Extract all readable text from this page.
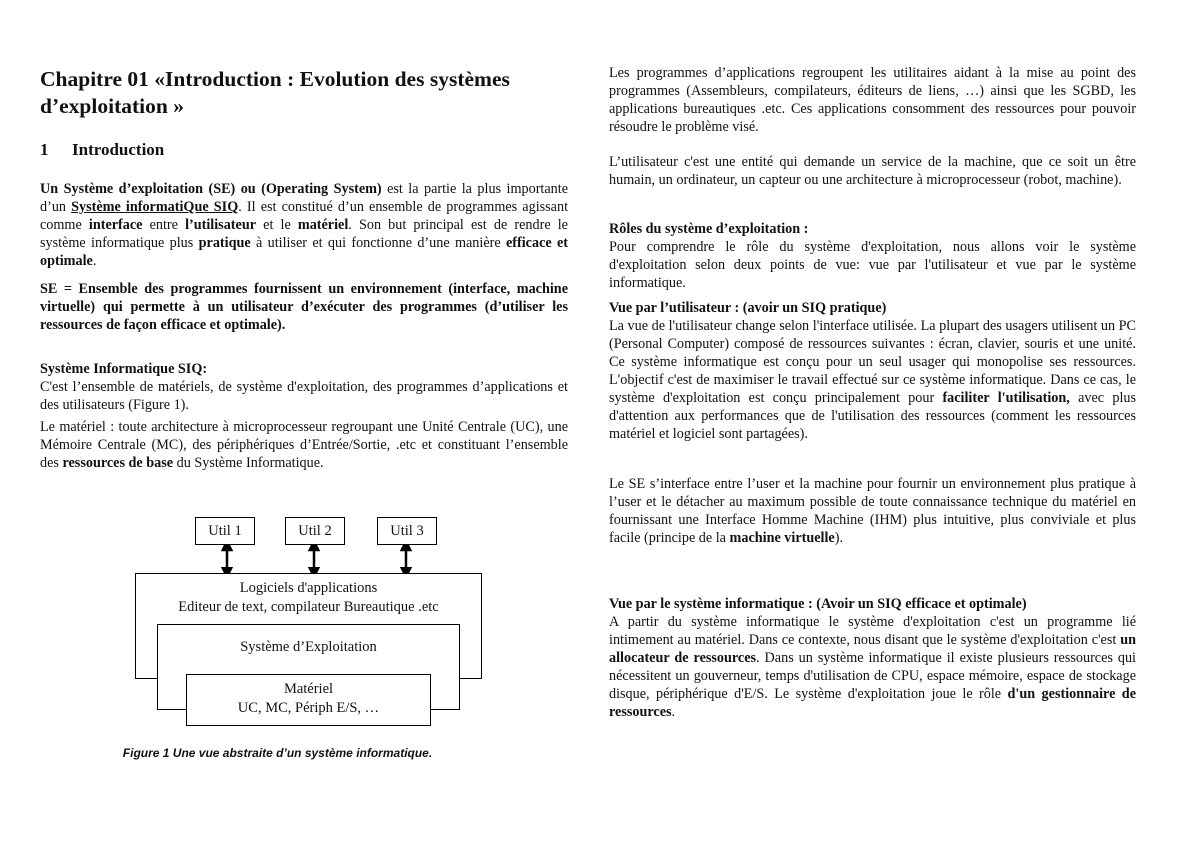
Chapitre 01 «Introduction : Evolution des systèmes d’exploitation »
1 Introduction

Un Système d’exploitation (SE) ou (Operating System) est la partie la plus importante d’un Système informatiQue SIQ. Il est constitué d’un ensemble de programmes agissant comme interface entre l’utilisateur et le matériel. Son but principal est de rendre le système informatique plus pratique à utiliser et qui fonctionne d’une manière efficace et optimale.

SE = Ensemble des programmes fournissent un environnement (interface, machine virtuelle) qui permette à un utilisateur d’exécuter des programmes (d’utiliser les ressources de façon efficace et optimale).

Système Informatique SIQ:

C'est l’ensemble de matériels, de système d'exploitation, des programmes d’applications et des utilisateurs (Figure 1).

Le matériel : toute architecture à microprocesseur regroupant une Unité Centrale (UC), une Mémoire Centrale (MC), des périphériques d’Entrée/Sortie, .etc et constituant l’ensemble des ressources de base du Système Informatique.

Util 1	Util 2	Util 3
Logiciels d'applications
Editeur de text, compilateur Bureautique .etc
Système d’Exploitation
Matériel
UC, MC, Périph E/S, …
Figure 1 Une vue abstraite d’un système informatique.

Les programmes d’applications regroupent les utilitaires aidant à la mise au point des programmes (Assembleurs, compilateurs, éditeurs de liens, …) ainsi que les SGBD, les applications bureautiques .etc. Ces applications consomment des ressources pour pouvoir résoudre le problème visé.

L’utilisateur c'est une entité qui demande un service de la machine, que ce soit un être humain, un ordinateur, un capteur ou une architecture à microprocesseur (robot, machine).

Rôles du système d’exploitation :

Pour comprendre le rôle du système d'exploitation, nous allons voir le système d'exploitation selon deux points de vue: vue par l'utilisateur et vue par le système informatique.

Vue par l’utilisateur : (avoir un SIQ pratique)

La vue de l'utilisateur change selon l'interface utilisée. La plupart des usagers utilisent un PC (Personal Computer) composé de ressources suivantes : écran, clavier, souris et une unité. Ce système informatique est conçu pour un seul usager qui monopolise ses ressources. L'objectif c'est de maximiser le travail effectué sur ce système informatique. Dans ce cas, le système d'exploitation est conçu principalement pour faciliter l'utilisation, avec plus d'attention aux performances que de l'utilisation des ressources (comment les ressources matériel et logiciel sont partagées).

Le SE s’interface entre l’user et la machine pour fournir un environnement plus pratique à l’user et le détacher au maximum possible de toute connaissance technique du matériel en fournissant une Interface Homme Machine (IHM) plus intuitive, plus conviviale et plus facile (principe de la machine virtuelle).

Vue par le système informatique : (Avoir un SIQ efficace et optimale)

A partir du système informatique le système d'exploitation c'est un programme lié intimement au matériel. Dans ce contexte, nous disant que le système d'exploitation c'est un allocateur de ressources. Dans un système informatique il existe plusieurs ressources qui nécessitent un gouverneur, temps d'utilisation de CPU, espace mémoire, espace de stockage disque, périphérique d'E/S. Le système d'exploitation joue le rôle d'un gestionnaire de ressources.
